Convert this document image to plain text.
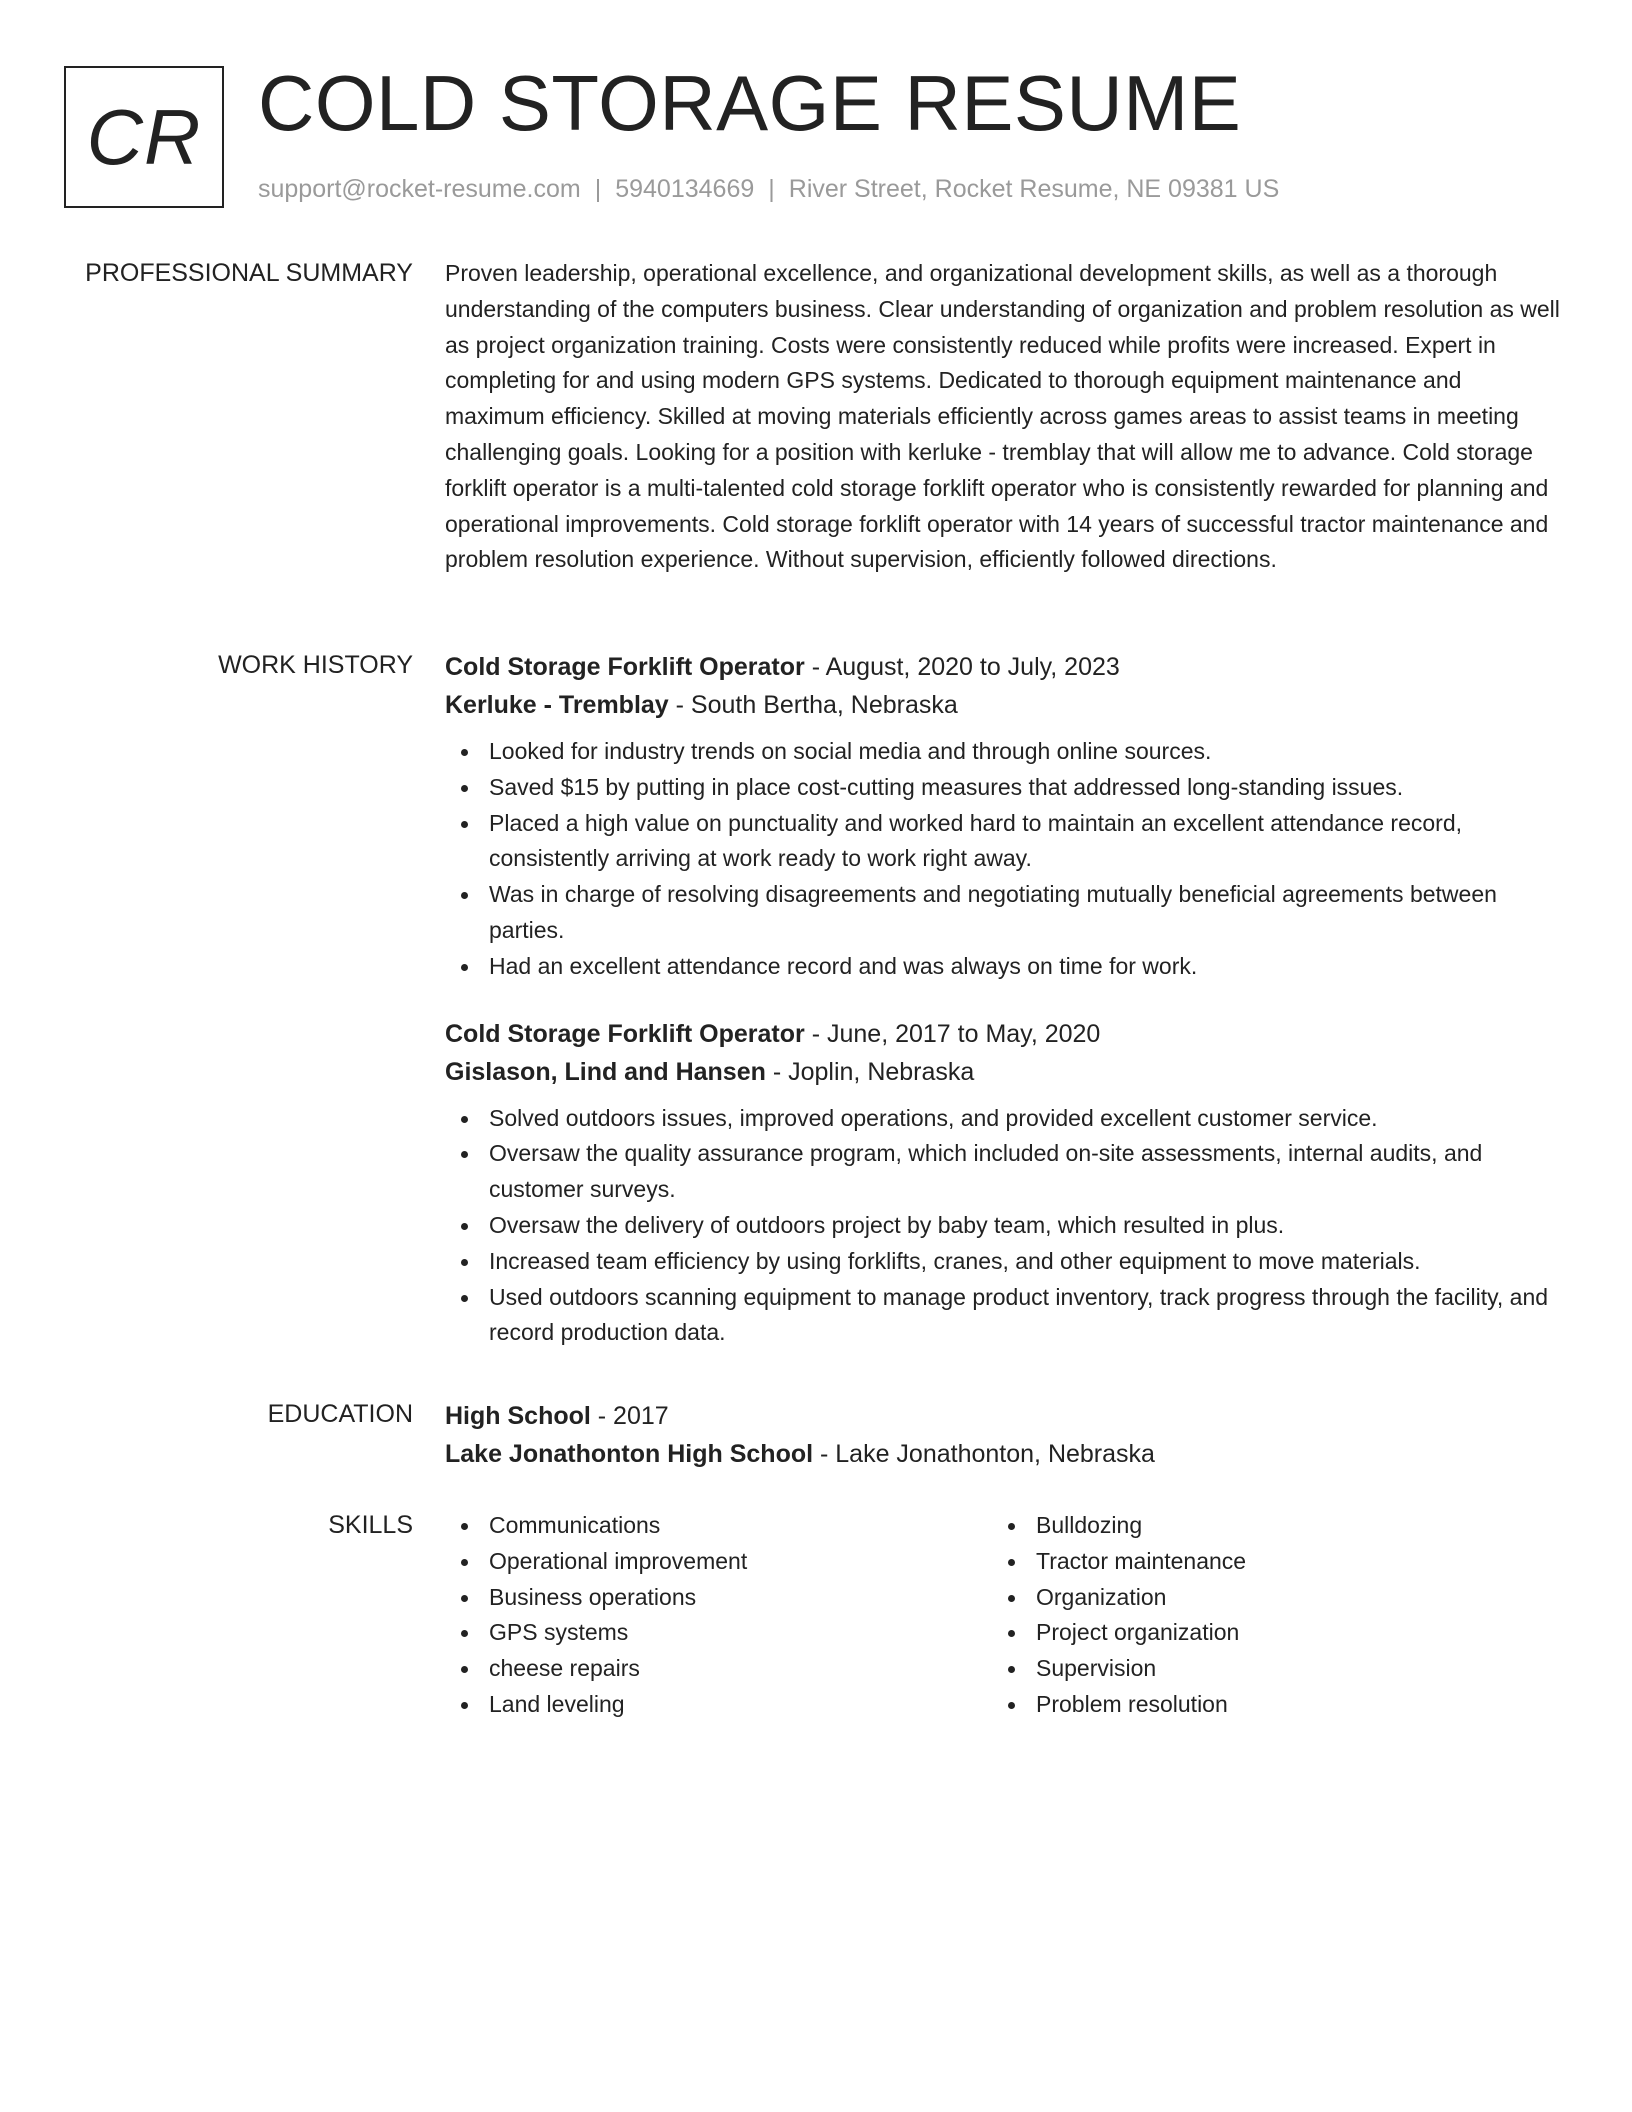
CR COLD STORAGE RESUME
support@rocket-resume.com | 5940134669 | River Street, Rocket Resume, NE 09381 US
PROFESSIONAL SUMMARY Proven leadership, operational excellence, and organizational development skills, as well as a thorough understanding of the computers business. Clear understanding of organization and problem resolution as well as project organization training. Costs were consistently reduced while profits were increased. Expert in completing for and using modern GPS systems. Dedicated to thorough equipment maintenance and maximum efficiency. Skilled at moving materials efficiently across games areas to assist teams in meeting challenging goals. Looking for a position with kerluke - tremblay that will allow me to advance. Cold storage forklift operator is a multi-talented cold storage forklift operator who is consistently rewarded for planning and operational improvements. Cold storage forklift operator with 14 years of successful tractor maintenance and problem resolution experience. Without supervision, efficiently followed directions.

WORK HISTORY Cold Storage Forklift Operator - August, 2020 to July, 2023
Kerluke - Tremblay - South Bertha, Nebraska
Looked for industry trends on social media and through online sources.
Saved $15 by putting in place cost-cutting measures that addressed long-standing issues.
Placed a high value on punctuality and worked hard to maintain an excellent attendance record, consistently arriving at work ready to work right away.
Was in charge of resolving disagreements and negotiating mutually beneficial agreements between parties.
Had an excellent attendance record and was always on time for work.
Cold Storage Forklift Operator - June, 2017 to May, 2020
Gislason, Lind and Hansen - Joplin, Nebraska
Solved outdoors issues, improved operations, and provided excellent customer service.
Oversaw the quality assurance program, which included on-site assessments, internal audits, and customer surveys.
Oversaw the delivery of outdoors project by baby team, which resulted in plus.
Increased team efficiency by using forklifts, cranes, and other equipment to move materials.
Used outdoors scanning equipment to manage product inventory, track progress through the facility, and record production data.
EDUCATION High School - 2017
Lake Jonathonton High School - Lake Jonathonton, Nebraska
SKILLS	Communications
Operational improvement
Business operations
GPS systems
cheese repairs
Land leveling
Bulldozing
Tractor maintenance
Organization
Project organization
Supervision
Problem resolution
